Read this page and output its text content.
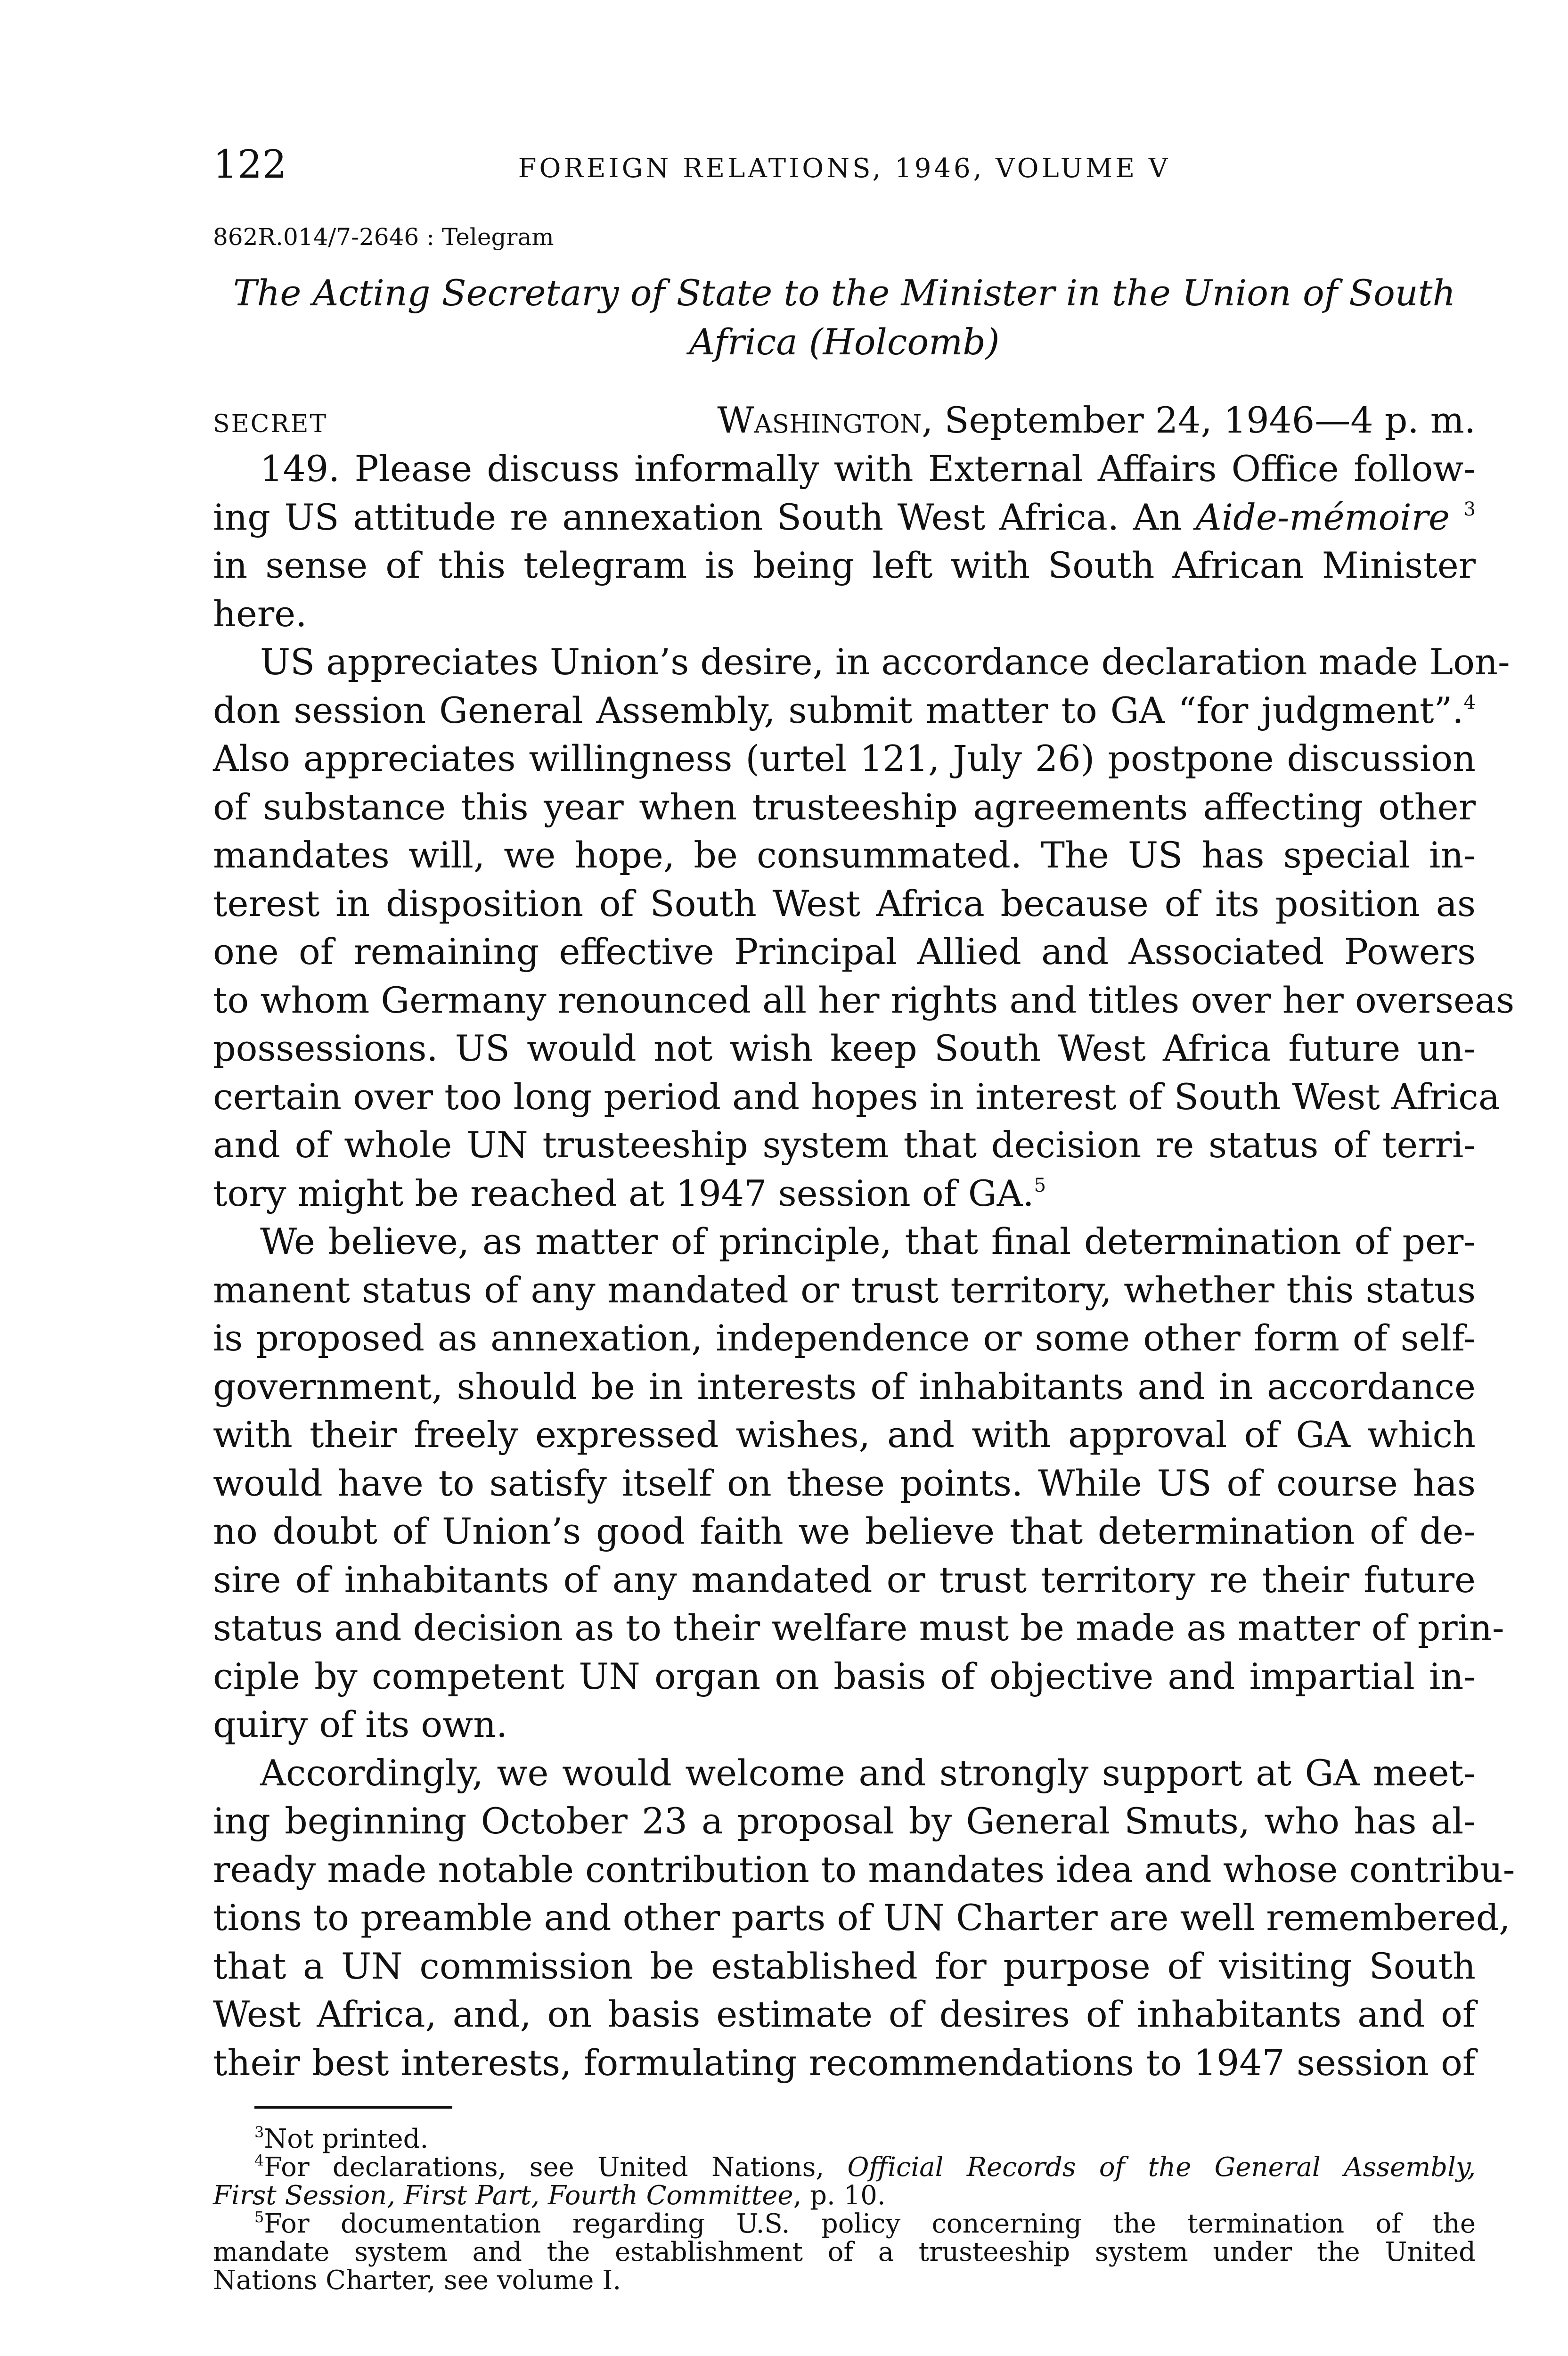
122	FOREIGN RELATIONS, 1946, VOLUME V
862R.014/7-2646 : Telegram
The Acting Secretary of State to the Minister in the Union of South
Africa (Holcomb)
SECRET	Washington, September 24, 1946—4 p. m.
149. Please discuss informally with External Affairs Office follow-
ing US attitude re annexation South West Africa. An Aide-mémoire $^3$
in sense of this telegram is being left with South African Minister
here.
US appreciates Union’s desire, in accordance declaration made Lon-
don session General Assembly, submit matter to GA “for judgment”.$^4$
Also appreciates willingness (urtel 121, July 26) postpone discussion
of substance this year when trusteeship agreements affecting other
mandates will, we hope, be consummated. The US has special in-
terest in disposition of South West Africa because of its position as
one of remaining effective Principal Allied and Associated Powers
to whom Germany renounced all her rights and titles over her overseas
possessions. US would not wish keep South West Africa future un-
certain over too long period and hopes in interest of South West Africa
and of whole UN trusteeship system that decision re status of terri-
tory might be reached at 1947 session of GA.$^5$
We believe, as matter of principle, that final determination of per-
manent status of any mandated or trust territory, whether this status
is proposed as annexation, independence or some other form of self-
government, should be in interests of inhabitants and in accordance
with their freely expressed wishes, and with approval of GA which
would have to satisfy itself on these points. While US of course has
no doubt of Union’s good faith we believe that determination of de-
sire of inhabitants of any mandated or trust territory re their future
status and decision as to their welfare must be made as matter of prin-
ciple by competent UN organ on basis of objective and impartial in-
quiry of its own.
Accordingly, we would welcome and strongly support at GA meet-
ing beginning October 23 a proposal by General Smuts, who has al-
ready made notable contribution to mandates idea and whose contribu-
tions to preamble and other parts of UN Charter are well remembered,
that a UN commission be established for purpose of visiting South
West Africa, and, on basis estimate of desires of inhabitants and of
their best interests, formulating recommendations to 1947 session of
$^3$Not printed.
$^4$For declarations, see United Nations, Official Records of the General Assembly,
First Session, First Part, Fourth Committee, p. 10.
$^5$For documentation regarding U.S. policy concerning the termination of the
mandate system and the establishment of a trusteeship system under the United
Nations Charter, see volume I.
